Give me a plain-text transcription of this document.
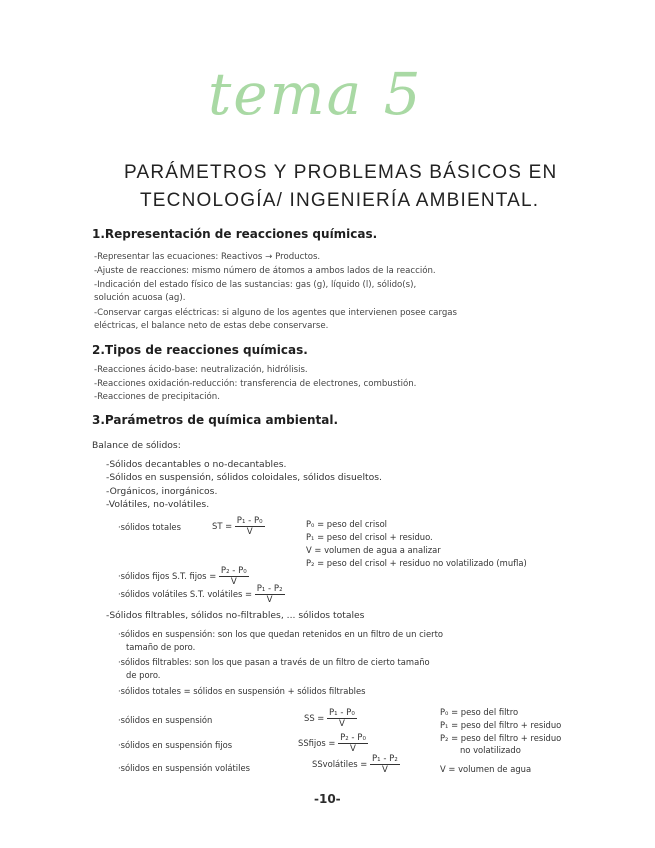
tema 5
PARÁMETROS Y PROBLEMAS BÁSICOS EN
TECNOLOGÍA/ INGENIERÍA AMBIENTAL.
1.Representación de reacciones químicas.
-Representar las ecuaciones: Reactivos → Productos.
-Ajuste de reacciones: mismo número de átomos a ambos lados de la reacción.
-Indicación del estado físico de las sustancias: gas (g), líquido (l), sólido(s),
solución acuosa (ag).
-Conservar cargas eléctricas: si alguno de los agentes que intervienen posee cargas
eléctricas, el balance neto de estas debe conservarse.
2.Tipos de reacciones químicas.
-Reacciones ácido-base: neutralización, hidrólisis.
-Reacciones oxidación-reducción: transferencia de electrones, combustión.
-Reacciones de precipitación.
3.Parámetros de química ambiental.
Balance de sólidos:
-Sólidos decantables o no-decantables.
-Sólidos en suspensión, sólidos coloidales, sólidos disueltos.
-Orgánicos, inorgánicos.
-Volátiles, no-volátiles.
·sólidos totales	ST = $\frac{\text{P₁ - P₀}}{V}$	P₀ = peso del crisol
P₁ = peso del crisol + residuo.
V = volumen de agua a analizar
P₂ = peso del crisol + residuo no volatilizado (mufla)
·sólidos fijos S.T. fijos = $\frac{\text{P₂ - P₀}}{V}$
·sólidos volátiles S.T. volátiles = $\frac{\text{P₁ - P₂}}{V}$
-Sólidos filtrables, sólidos no-filtrables, ... sólidos totales
·sólidos en suspensión: son los que quedan retenidos en un filtro de un cierto
tamaño de poro.
·sólidos filtrables: son los que pasan a través de un filtro de cierto tamaño
de poro.
·sólidos totales = sólidos en suspensión + sólidos filtrables
·sólidos en suspensión	SS = $\frac{\text{P₁ - P₀}}{V}$
·sólidos en suspensión fijos	SSfijos = $\frac{\text{P₂ - P₀}}{V}$
·sólidos en suspensión volátiles	SSvolátiles = $\frac{\text{P₁ - P₂}}{V}$
P₀ = peso del filtro
P₁ = peso del filtro + residuo
P₂ = peso del filtro + residuo
no volatilizado
V = volumen de agua
-10-
